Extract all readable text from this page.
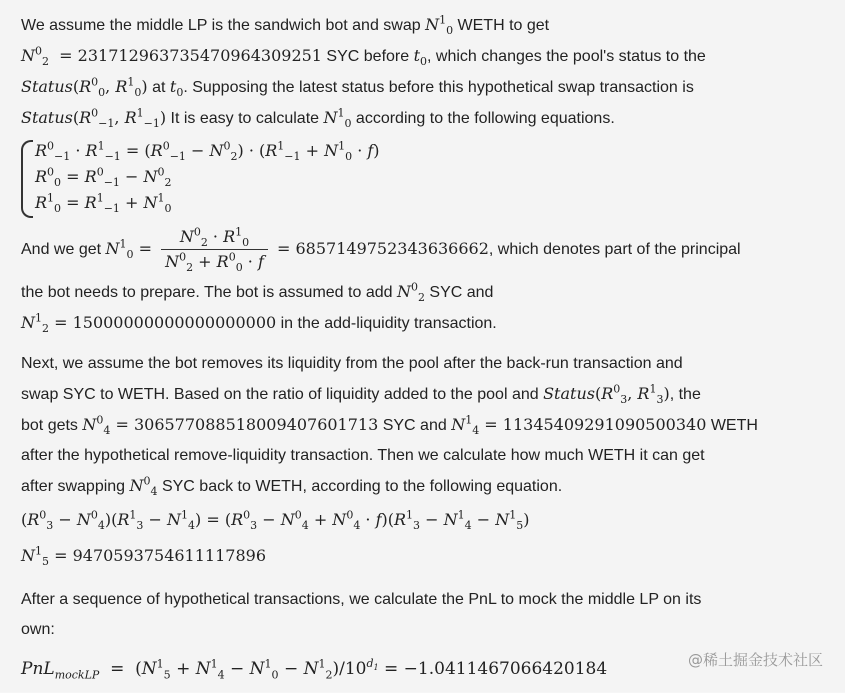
We assume the middle LP is the sandwich bot and swap $N^1_0$ WETH to get
$N^0_2 = 231712963735470964309251$ SYC before $t_0$, which changes the pool's status to the
$Status(R^0_0$, $R^1_0$) at $t_0$. Supposing the latest status before this hypothetical swap transaction is
$Status(R^0_{-1}$, $R^1_{-1}$) It is easy to calculate $N^1_0$ according to the following equations.
$R^0_{-1} \cdot R^1_{-1} = (R^0_{-1} - N^0_2) \cdot (R^1_{-1} + N^1_0 \cdot f)$
$R^0_0 = R^0_{-1} - N^0_2$
$R^1_0 = R^1_{-1} + N^1_0$
And we get $N^1_0 = \frac{N^0_2 \cdot R^1_0}{N^0_2 + R^0_0 \cdot f} = 6857149752343636662$, which denotes part of the principal
the bot needs to prepare. The bot is assumed to add $N^0_2$ SYC and
$N^1_2 = 15000000000000000000$ in the add-liquidity transaction.
Next, we assume the bot removes its liquidity from the pool after the back-run transaction and
swap SYC to WETH. Based on the ratio of liquidity added to the pool and $Status(R^0_3$, $R^1_3$), the
bot gets $N^0_4 = 306577088518009407601713$ SYC and $N^1_4 = 11345409291090500340$ WETH
after the hypothetical remove-liquidity transaction. Then we calculate how much WETH it can get
after swapping $N^0_4$ SYC back to WETH, according to the following equation.
$(R^0_3 - N^0_4)(R^1_3 - N^1_4) = (R^0_3 - N^0_4 + N^0_4 \cdot f)(R^1_3 - N^1_4 - N^1_5)$
$N^1_5 = 9470593754611117896$
After a sequence of hypothetical transactions, we calculate the PnL to mock the middle LP on its
own:
$PnL_{mockLP} = (N^1_5 + N^1_4 - N^1_0 - N^1_2)/10^{d_1} = -1.0411467066420184$	@稀土掘金技术社区
